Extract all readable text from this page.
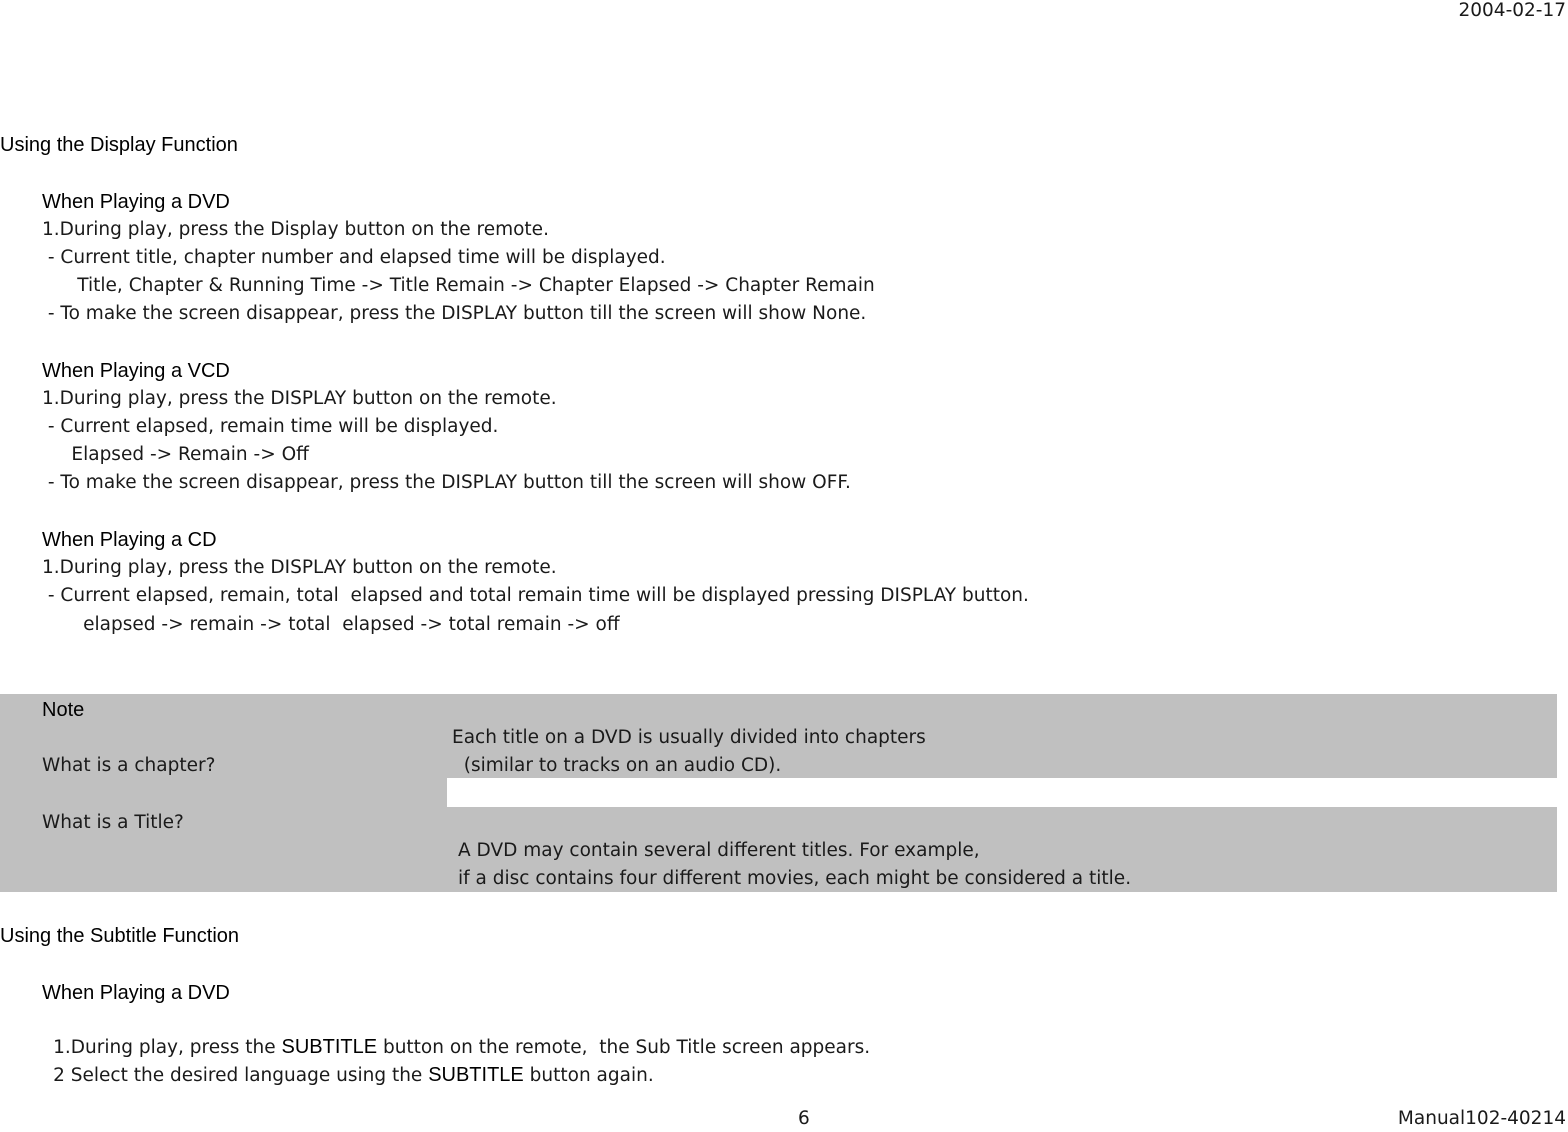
2004-02-17
Using the Display Function
When Playing a DVD
1.During play, press the Display button on the remote.
- Current title, chapter number and elapsed time will be displayed.
Title, Chapter & Running Time -> Title Remain -> Chapter Elapsed -> Chapter Remain
- To make the screen disappear, press the DISPLAY button till the screen will show None.
When Playing a VCD
1.During play, press the DISPLAY button on the remote.
- Current elapsed, remain time will be displayed.
Elapsed -> Remain -> Off
- To make the screen disappear, press the DISPLAY button till the screen will show OFF.
When Playing a CD
1.During play, press the DISPLAY button on the remote.
- Current elapsed, remain, total  elapsed and total remain time will be displayed pressing DISPLAY button.
elapsed -> remain -> total  elapsed -> total remain -> off
Note
Each title on a DVD is usually divided into chapters
What is a chapter?	(similar to tracks on an audio CD).
What is a Title?
A DVD may contain several different titles. For example,
if a disc contains four different movies, each might be considered a title.
Using the Subtitle Function
When Playing a DVD

1.During play, press the SUBTITLE button on the remote,  the Sub Title screen appears.

2 Select the desired language using the SUBTITLE button again.

6	Manual102-40214
